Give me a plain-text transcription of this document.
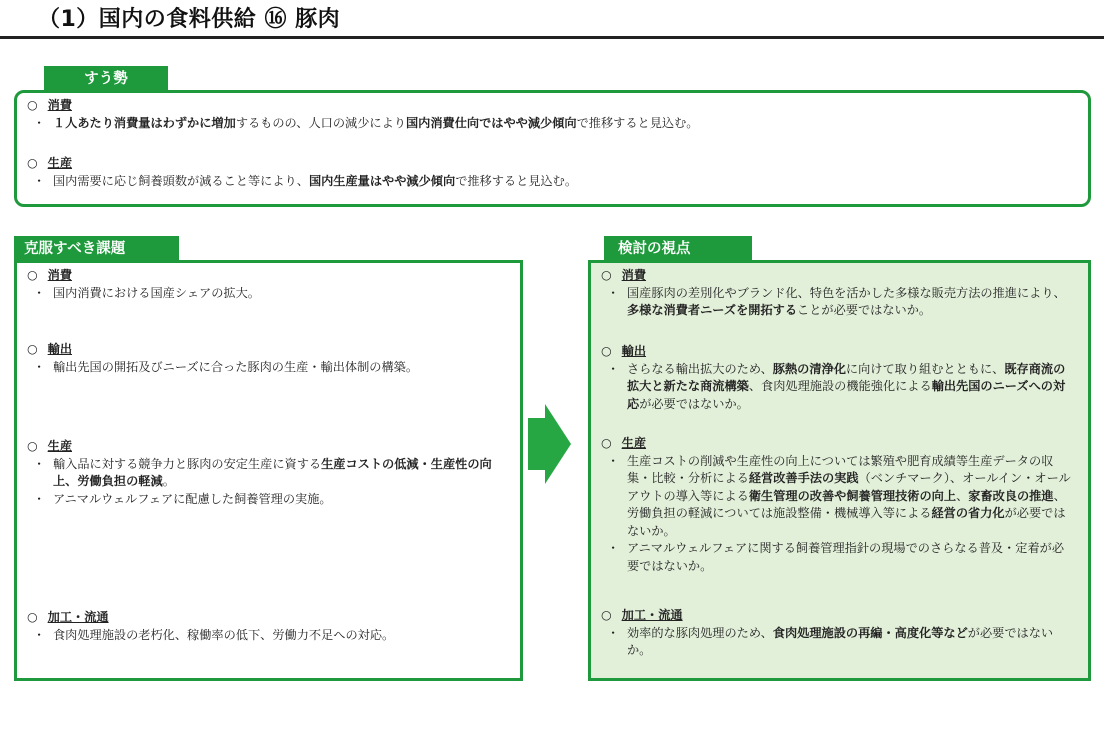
（1）国内の食料供給 ⑯ 豚肉
○ 消費
・ １人あたり消費量はわずかに増加するものの、人口の減少により国内消費仕向ではやや減少傾向で推移すると見込む。
○ 生産
・ 国内需要に応じ飼養頭数が減ること等により、国内生産量はやや減少傾向で推移すると見込む。
すう勢
○ 消費
・ 国内消費における国産シェアの拡大。
○ 輸出
・ 輸出先国の開拓及びニーズに合った豚肉の生産・輸出体制の構築。
○ 生産
・ 輸入品に対する競争力と豚肉の安定生産に資する生産コストの低減・生産性の向上、労働負担の軽減。
・ アニマルウェルフェアに配慮した飼養管理の実施。
○ 加工・流通
・ 食肉処理施設の老朽化、稼働率の低下、労働力不足への対応。
克服すべき課題
○ 消費
・ 国産豚肉の差別化やブランド化、特色を活かした多様な販売方法の推進により、多様な消費者ニーズを開拓することが必要ではないか。
○ 輸出
・ さらなる輸出拡大のため、豚熱の清浄化に向けて取り組むとともに、既存商流の拡大と新たな商流構築、食肉処理施設の機能強化による輸出先国のニーズへの対応が必要ではないか。
○ 生産
・ 生産コストの削減や生産性の向上については繁殖や肥育成績等生産データの収集・比較・分析による経営改善手法の実践（ベンチマーク）、オールイン・オールアウトの導入等による衛生管理の改善や飼養管理技術の向上、家畜改良の推進、労働負担の軽減については施設整備・機械導入等による経営の省力化が必要ではないか。
・ アニマルウェルフェアに関する飼養管理指針の現場でのさらなる普及・定着が必要ではないか。
○ 加工・流通
・ 効率的な豚肉処理のため、食肉処理施設の再編・高度化等などが必要ではないか。
検討の視点
